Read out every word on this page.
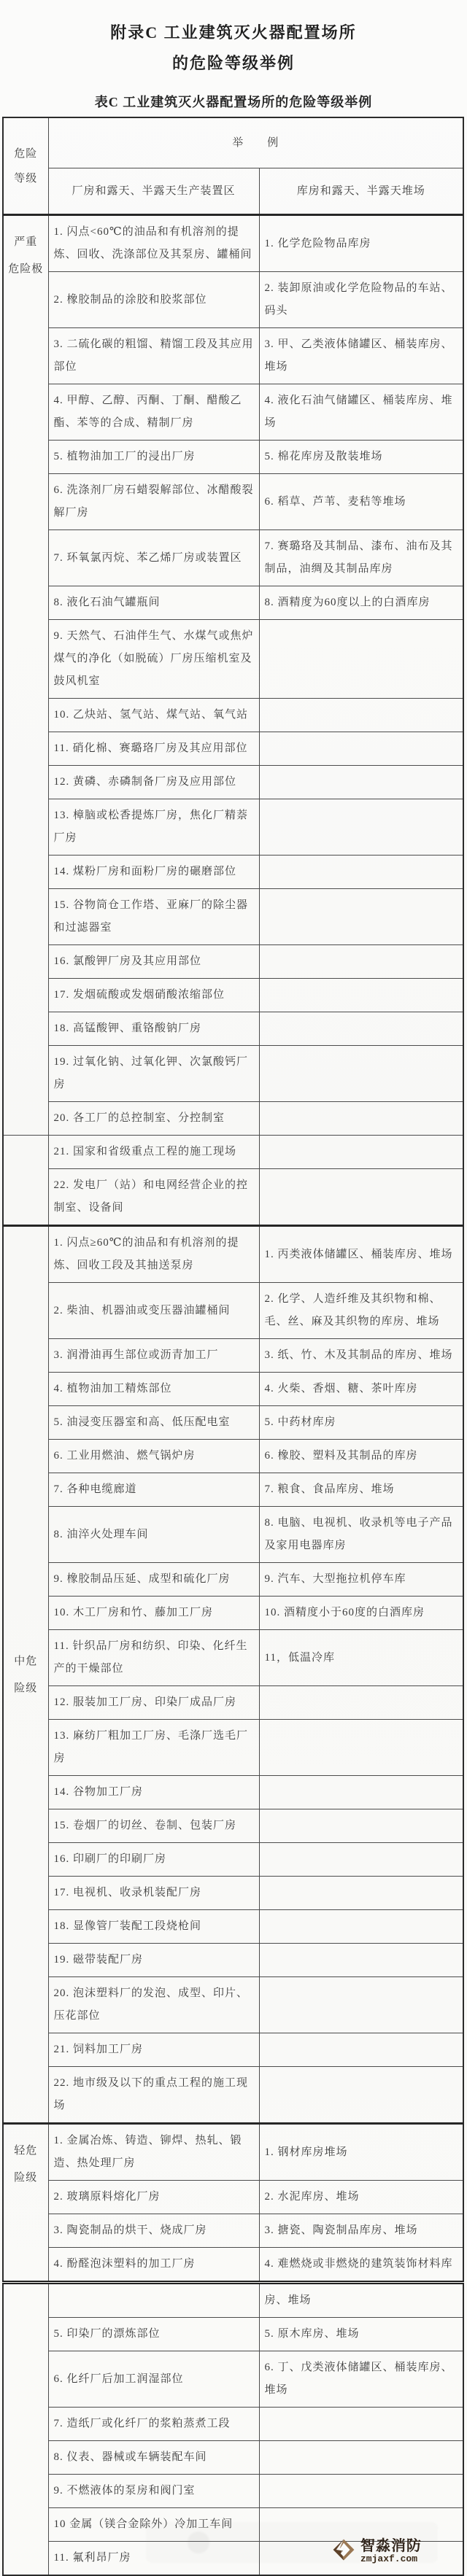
附录C 工业建筑灭火器配置场所
的危险等级举例
表C 工业建筑灭火器配置场所的危险等级举例
危险
等级	举　　例	
	厂房和露天、半露天生产装置区	库房和露天、半露天堆场

严重
危险极	1. 闪点<60℃的油品和有机溶剂的提炼、回收、洗涤部位及其泵房、罐桶间	1. 化学危险物品库房
	2. 橡胶制品的涂胶和胶浆部位	2. 装卸原油或化学危险物品的车站、码头
	3. 二硫化碳的粗馏、精馏工段及其应用部位	3. 甲、乙类液体储罐区、桶装库房、堆场
	4. 甲醇、乙醇、丙酮、丁酮、醋酸乙酯、苯等的合成、精制厂房	4. 液化石油气储罐区、桶装库房、堆场
	5. 植物油加工厂的浸出厂房	5. 棉花库房及散装堆场
	6. 洗涤剂厂房石蜡裂解部位、冰醋酸裂解厂房	6. 稻草、芦苇、麦秸等堆场
	7. 环氧氯丙烷、苯乙烯厂房或装置区	7. 赛璐珞及其制品、漆布、油布及其制品，油绸及其制品库房
	8. 液化石油气罐瓶间	8. 酒精度为60度以上的白酒库房
	9. 天然气、石油伴生气、水煤气或焦炉煤气的净化（如脱硫）厂房压缩机室及鼓风机室	
	10. 乙炔站、氢气站、煤气站、氧气站	
	11. 硝化棉、赛璐珞厂房及其应用部位	
	12. 黄磷、赤磷制备厂房及应用部位	
	13. 樟脑或松香提炼厂房，焦化厂精萘厂房	
	14. 煤粉厂房和面粉厂房的碾磨部位	
	15. 谷物筒仓工作塔、亚麻厂的除尘器和过滤器室	
	16. 氯酸钾厂房及其应用部位	
	17. 发烟硫酸或发烟硝酸浓缩部位	
	18. 高锰酸钾、重铬酸钠厂房	
	19. 过氧化钠、过氧化钾、次氯酸钙厂房	
	20. 各工厂的总控制室、分控制室	

	21. 国家和省级重点工程的施工现场	
	22. 发电厂（站）和电网经营企业的控制室、设备间	

中危
险级	1. 闪点≥60℃的油品和有机溶剂的提炼、回收工段及其抽送泵房	1. 丙类液体储罐区、桶装库房、堆场
	2. 柴油、机器油或变压器油罐桶间	2. 化学、人造纤维及其织物和棉、毛、丝、麻及其织物的库房、堆场
	3. 润滑油再生部位或沥青加工厂	3. 纸、竹、木及其制品的库房、堆场
	4. 植物油加工精炼部位	4. 火柴、香烟、糖、茶叶库房
	5. 油浸变压器室和高、低压配电室	5. 中药材库房
	6. 工业用燃油、燃气锅炉房	6. 橡胶、塑料及其制品的库房
	7. 各种电缆廊道	7. 粮食、食品库房、堆场
	8. 油淬火处理车间	8. 电脑、电视机、收录机等电子产品及家用电器库房
	9. 橡胶制品压延、成型和硫化厂房	9. 汽车、大型拖拉机停车库
	10. 木工厂房和竹、藤加工厂房	10. 酒精度小于60度的白酒库房
	11. 针织品厂房和纺织、印染、化纤生产的干燥部位	11，低温冷库
	12. 服装加工厂房、印染厂成品厂房	
	13. 麻纺厂粗加工厂房、毛涤厂选毛厂房	
	14. 谷物加工厂房	
	15. 卷烟厂的切丝、卷制、包装厂房	
	16. 印刷厂的印刷厂房	
	17. 电视机、收录机装配厂房	
	18. 显像管厂装配工段烧枪间	
	19. 磁带装配厂房	
	20. 泡沫塑料厂的发泡、成型、印片、压花部位	
	21. 饲料加工厂房	
	22. 地市级及以下的重点工程的施工现场	

轻危
险级	1. 金属冶炼、铸造、铆焊、热轧、锻造、热处理厂房	1. 钢材库房堆场
	2. 玻璃原料熔化厂房	2. 水泥库房、堆场
	3. 陶瓷制品的烘干、烧成厂房	3. 搪瓷、陶瓷制品库房、堆场
	4. 酚醛泡沫塑料的加工厂房	4. 难燃烧或非燃烧的建筑装饰材料库

		房、堆场
	5. 印染厂的漂炼部位	5. 原木库房、堆场
	6. 化纤厂后加工润湿部位	6. 丁、戊类液体储罐区、桶装库房、堆场
	7. 造纸厂或化纤厂的浆粕蒸煮工段	
	8. 仪表、器械或车辆装配车间	
	9. 不燃液体的泵房和阀门室	
	10 金属（镁合金除外）冷加工车间	
	11. 氟利昂厂房	
智淼消防
zmjaxf.com
